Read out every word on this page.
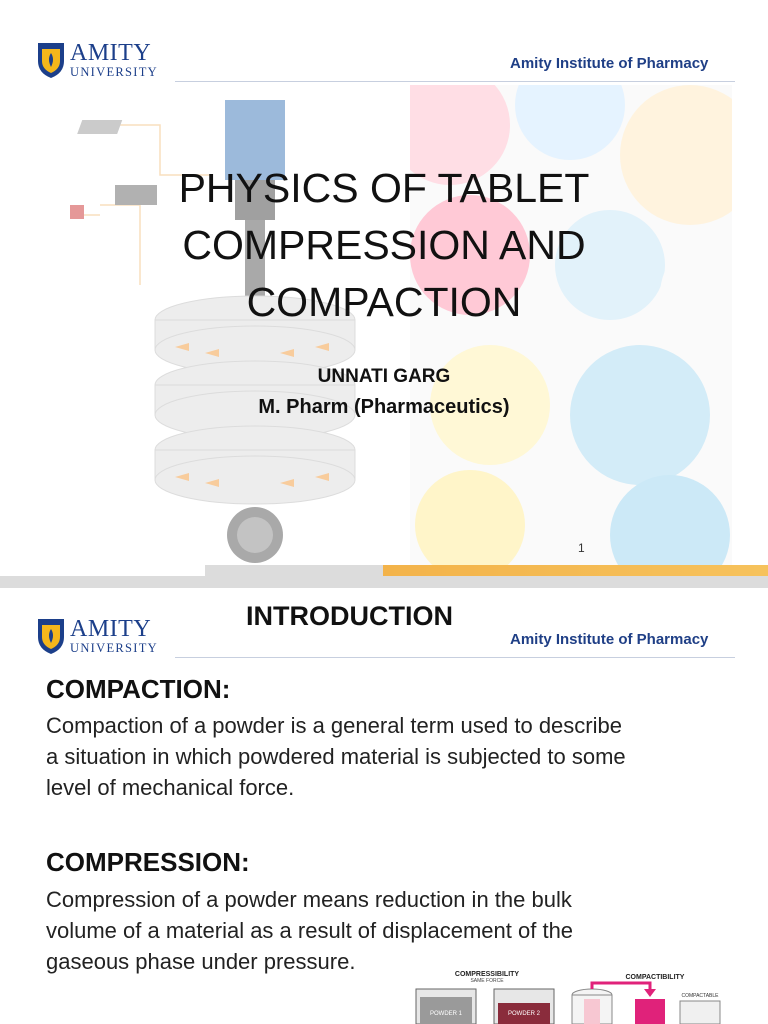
AMITY
UNIVERSITY
Amity Institute of Pharmacy
PHYSICS OF TABLET
COMPRESSION AND
COMPACTION
UNNATI GARG
M. Pharm (Pharmaceutics)
1
AMITY
UNIVERSITY
INTRODUCTION
Amity Institute of Pharmacy
COMPACTION:
Compaction of a powder is a general term used to describe
a situation in which powdered material is subjected to some
level of mechanical force.
COMPRESSION:
Compression of a powder means reduction in the bulk
volume of a material as a result of displacement of the
gaseous phase under pressure.
COMPRESSIBILITY
SAME FORCE
POWDER 1	POWDER 2
COMPACTIBILITY
COMPACTABLE
